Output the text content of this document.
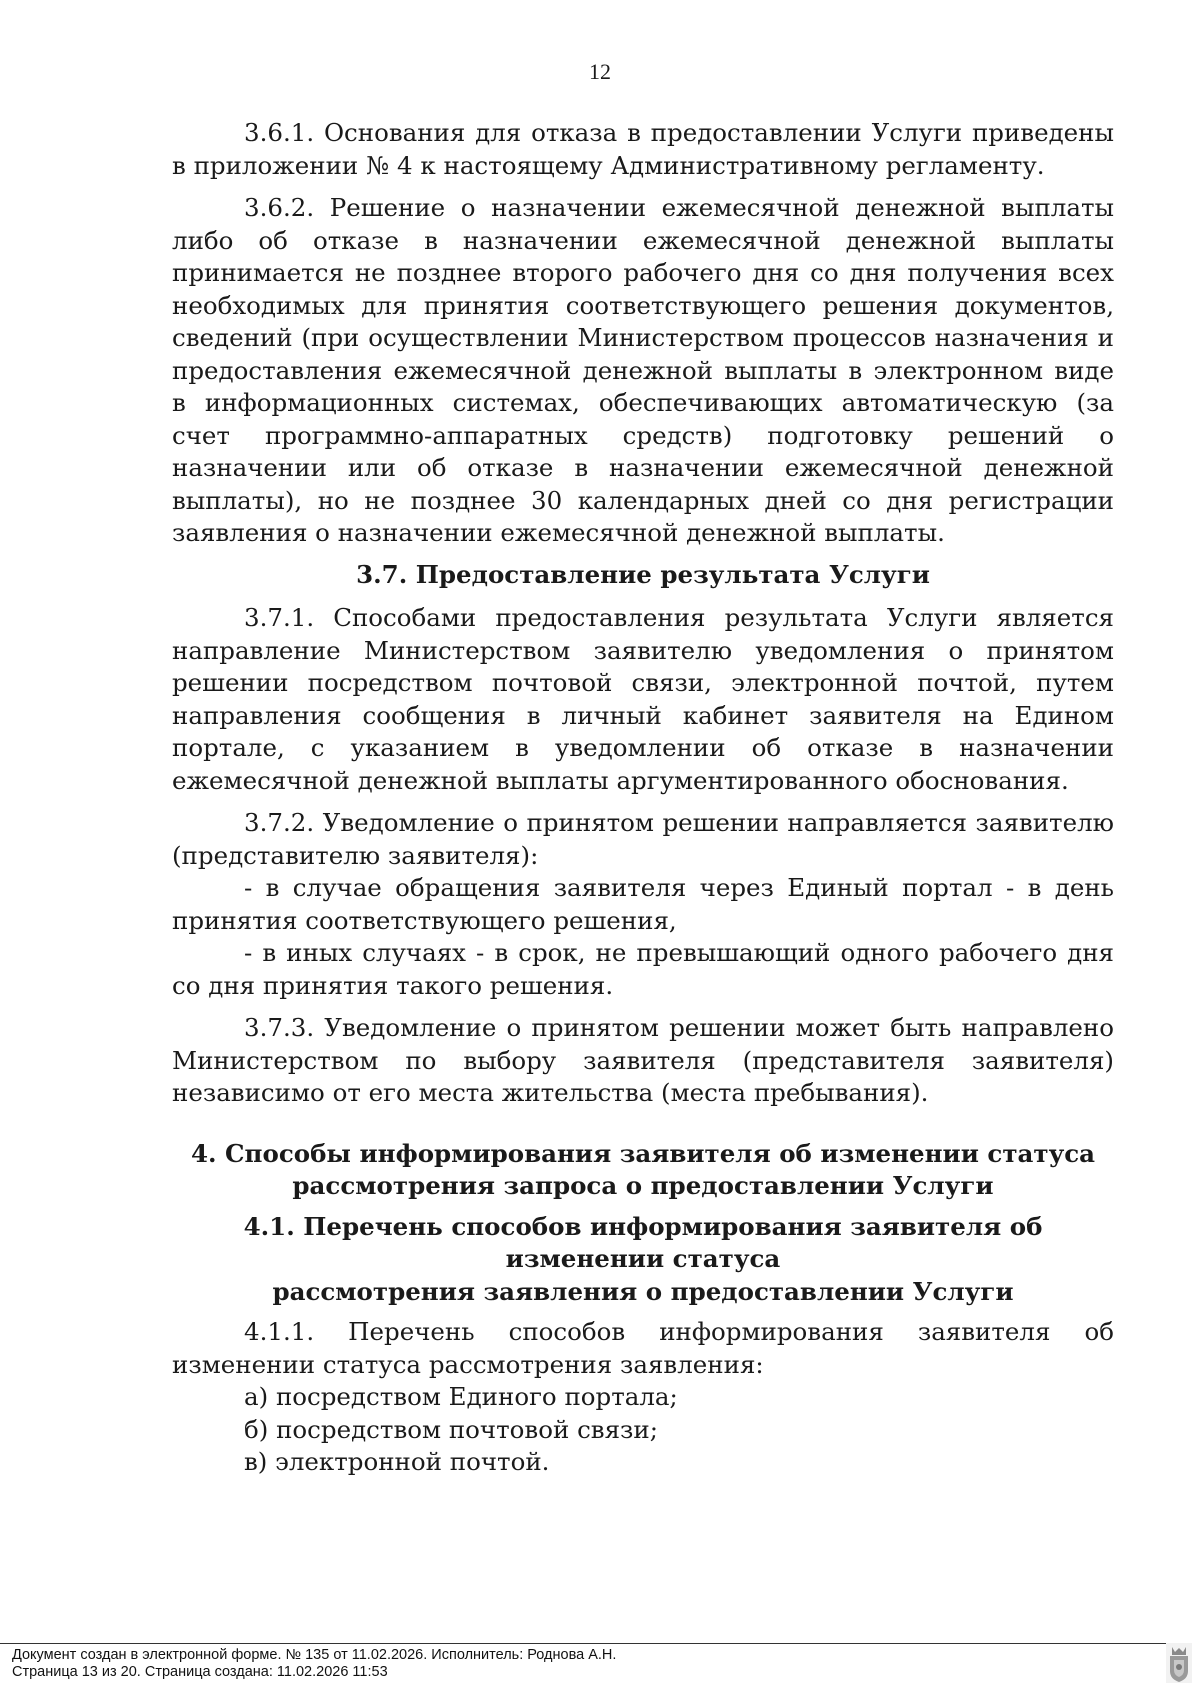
12

3.6.1. Основания для отказа в предоставлении Услуги приведены в приложении № 4 к настоящему Административному регламенту.

3.6.2. Решение о назначении ежемесячной денежной выплаты либо об отказе в назначении ежемесячной денежной выплаты принимается не позднее второго рабочего дня со дня получения всех необходимых для принятия соответствующего решения документов, сведений (при осуществлении Министерством процессов назначения и предоставления ежемесячной денежной выплаты в электронном виде в информационных системах, обеспечивающих автоматическую (за счет программно-аппаратных средств) подготовку решений о назначении или об отказе в назначении ежемесячной денежной выплаты), но не позднее 30 календарных дней со дня регистрации заявления о назначении ежемесячной денежной выплаты.

3.7. Предоставление результата Услуги

3.7.1. Способами предоставления результата Услуги является направление Министерством заявителю уведомления о принятом решении посредством почтовой связи, электронной почтой, путем направления сообщения в личный кабинет заявителя на Едином портале, с указанием в уведомлении об отказе в назначении ежемесячной денежной выплаты аргументированного обоснования.

3.7.2. Уведомление о принятом решении направляется заявителю (представителю заявителя):

- в случае обращения заявителя через Единый портал - в день принятия соответствующего решения,

- в иных случаях - в срок, не превышающий одного рабочего дня со дня принятия такого решения.

3.7.3. Уведомление о принятом решении может быть направлено Министерством по выбору заявителя (представителя заявителя) независимо от его места жительства (места пребывания).

4. Способы информирования заявителя об изменении статуса
рассмотрения запроса о предоставлении Услуги
4.1. Перечень способов информирования заявителя об изменении статуса
рассмотрения заявления о предоставлении Услуги

4.1.1. Перечень способов информирования заявителя об изменении статуса рассмотрения заявления:

а) посредством Единого портала;

б) посредством почтовой связи;

в) электронной почтой.

Документ создан в электронной форме. № 135 от 11.02.2026. Исполнитель: Роднова А.Н.
Страница 13 из 20. Страница создана: 11.02.2026 11:53
